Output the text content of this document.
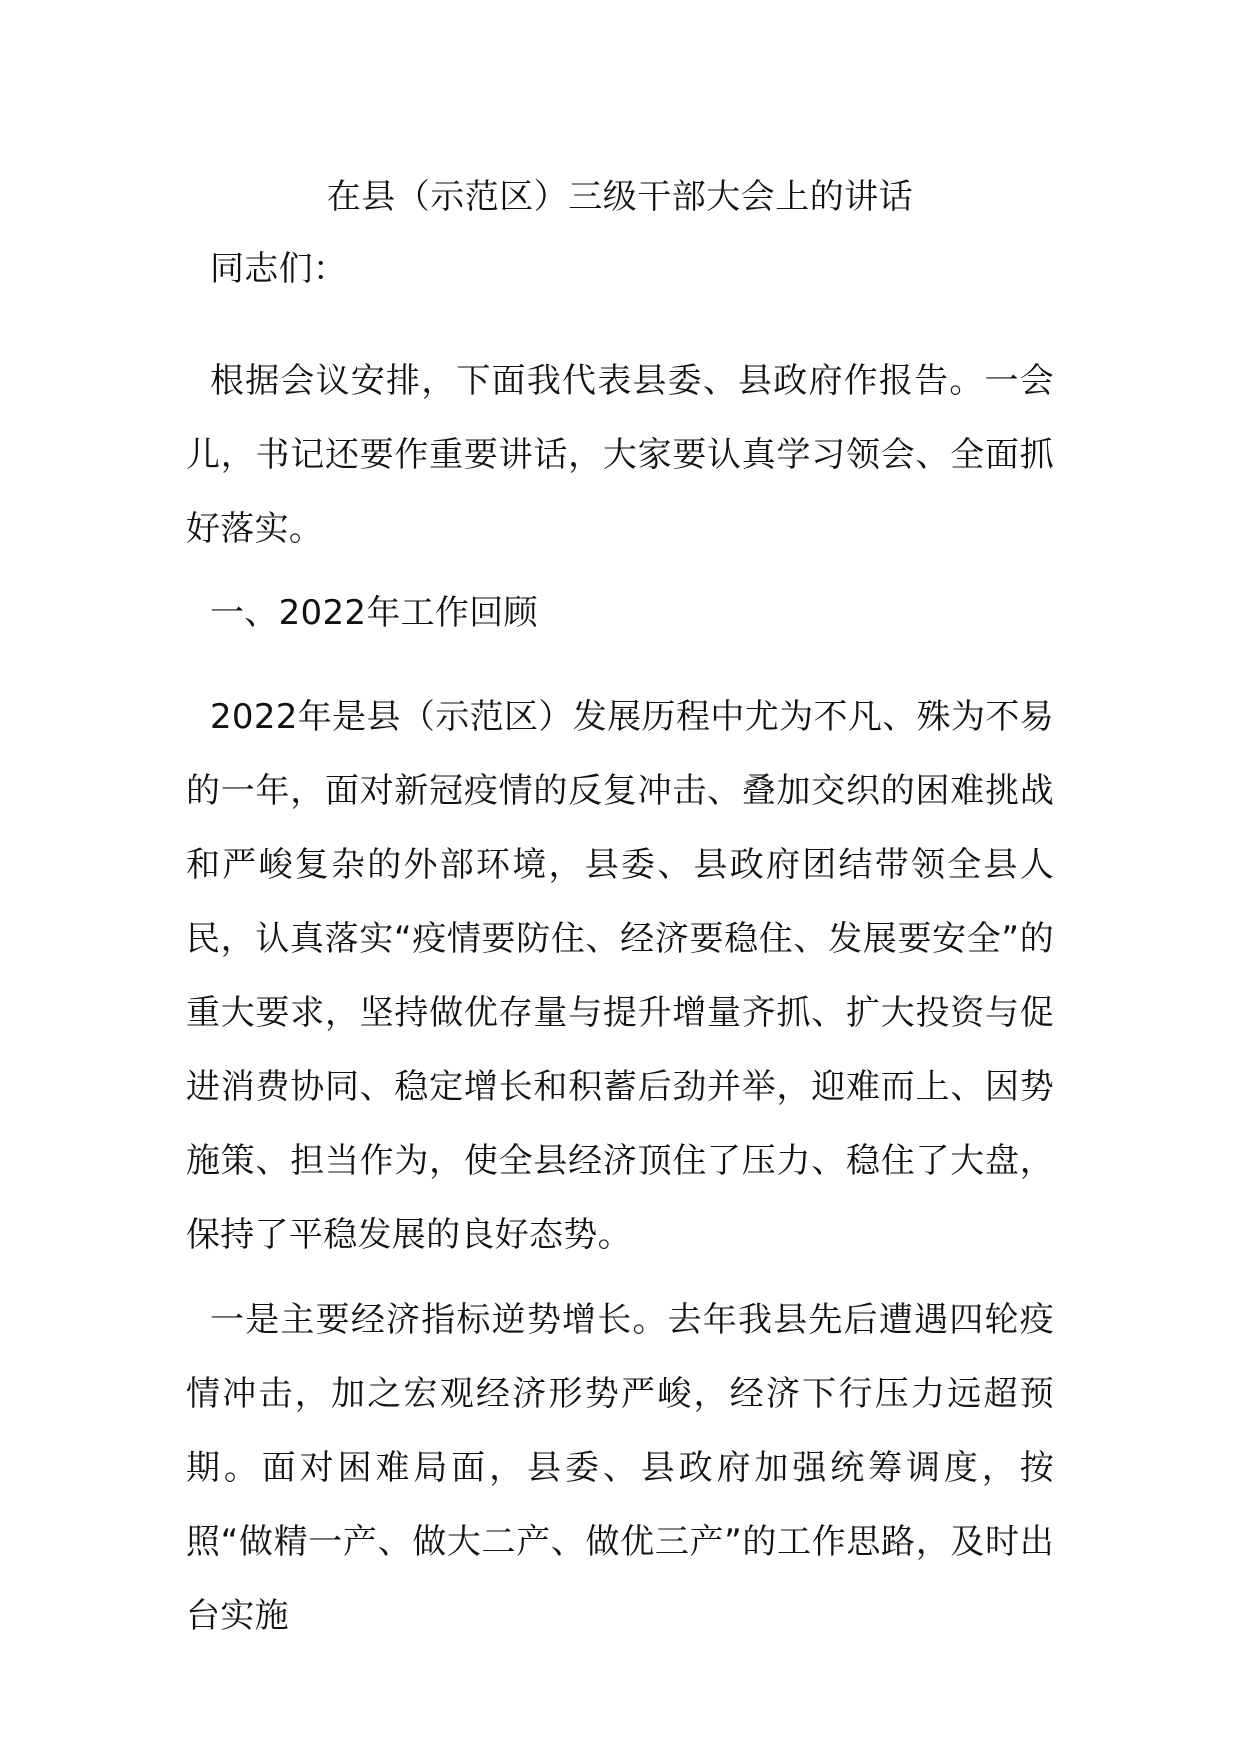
在县（示范区）三级干部大会上的讲话

同志们：

根据会议安排，下面我代表县委、县政府作报告。一会儿，书记还要作重要讲话，大家要认真学习领会、全面抓好落实。

一、2022年工作回顾

2022年是县（示范区）发展历程中尤为不凡、殊为不易的一年，面对新冠疫情的反复冲击、叠加交织的困难挑战和严峻复杂的外部环境，县委、县政府团结带领全县人民，认真落实“疫情要防住、经济要稳住、发展要安全”的重大要求，坚持做优存量与提升增量齐抓、扩大投资与促进消费协同、稳定增长和积蓄后劲并举，迎难而上、因势施策、担当作为，使全县经济顶住了压力、稳住了大盘，保持了平稳发展的良好态势。

一是主要经济指标逆势增长。去年我县先后遭遇四轮疫情冲击，加之宏观经济形势严峻，经济下行压力远超预期。面对困难局面，县委、县政府加强统筹调度，按照“做精一产、做大二产、做优三产”的工作思路，及时出台实施
